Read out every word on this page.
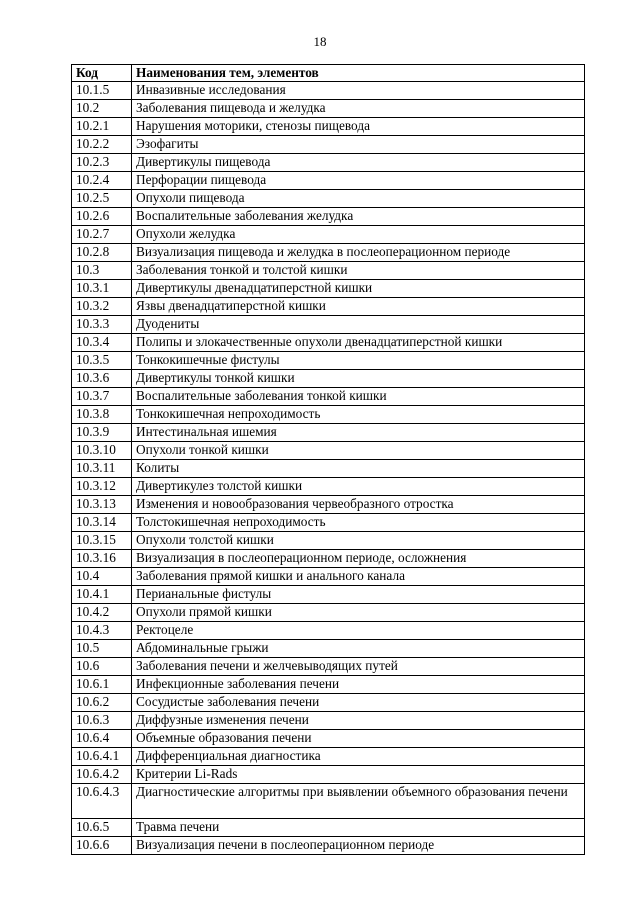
18
Код	Наименования тем, элементов
10.1.5	Инвазивные исследования
10.2	Заболевания пищевода и желудка
10.2.1	Нарушения моторики, стенозы пищевода
10.2.2	Эзофагиты
10.2.3	Дивертикулы пищевода
10.2.4	Перфорации пищевода
10.2.5	Опухоли пищевода
10.2.6	Воспалительные заболевания желудка
10.2.7	Опухоли желудка
10.2.8	Визуализация пищевода и желудка в послеоперационном периоде
10.3	Заболевания тонкой и толстой кишки
10.3.1	Дивертикулы двенадцатиперстной кишки
10.3.2	Язвы двенадцатиперстной кишки
10.3.3	Дуодениты
10.3.4	Полипы и злокачественные опухоли двенадцатиперстной кишки
10.3.5	Тонкокишечные фистулы
10.3.6	Дивертикулы тонкой кишки
10.3.7	Воспалительные заболевания тонкой кишки
10.3.8	Тонкокишечная непроходимость
10.3.9	Интестинальная ишемия
10.3.10	Опухоли тонкой кишки
10.3.11	Колиты
10.3.12	Дивертикулез толстой кишки
10.3.13	Изменения и новообразования червеобразного отростка
10.3.14	Толстокишечная непроходимость
10.3.15	Опухоли толстой кишки
10.3.16	Визуализация в послеоперационном периоде, осложнения
10.4	Заболевания прямой кишки и анального канала
10.4.1	Перианальные фистулы
10.4.2	Опухоли прямой кишки
10.4.3	Ректоцеле
10.5	Абдоминальные грыжи
10.6	Заболевания печени и желчевыводящих путей
10.6.1	Инфекционные заболевания печени
10.6.2	Сосудистые заболевания печени
10.6.3	Диффузные изменения печени
10.6.4	Объемные образования печени
10.6.4.1	Дифференциальная диагностика
10.6.4.2	Критерии Li-Rads
10.6.4.3	Диагностические алгоритмы при выявлении объемного образования печени
10.6.5	Травма печени
10.6.6	Визуализация печени в послеоперационном периоде
